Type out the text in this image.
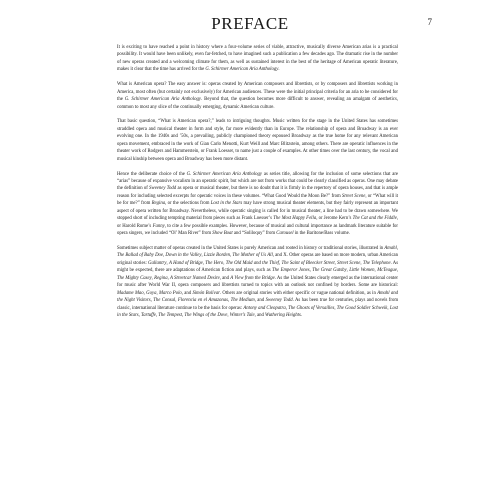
PREFACE	7

It is exciting to have reached a point in history where a four-volume series of viable, attractive, musically diverse American arias is a practical possibility. It would have been unlikely, even far-fetched, to have imagined such a publication a few decades ago. The dramatic rise in the number of new operas created and a welcoming climate for them, as well as sustained interest in the best of the heritage of American operatic literature, makes it clear that the time has arrived for the G. Schirmer American Aria Anthology.

What is American opera? The easy answer is: operas created by American composers and librettists, or by composers and librettists working in America, most often (but certainly not exclusively) for American audiences. These were the initial principal criteria for an aria to be considered for the G. Schirmer American Aria Anthology. Beyond that, the question becomes more difficult to answer, revealing an amalgam of aesthetics, common to most any slice of the continually emerging, dynamic American culture.

That basic question, “What is American opera?,” leads to intriguing thoughts. Music written for the stage in the United States has sometimes straddled opera and musical theater in form and style, far more evidently than in Europe. The relationship of opera and Broadway is an ever evolving one. In the 1940s and ’50s, a prevailing, publicly championed theory espoused Broadway as the true home for any relevant American opera movement, embraced in the work of Gian Carlo Menotti, Kurt Weill and Marc Blitzstein, among others. There are operatic influences in the theater work of Rodgers and Hammerstein, or Frank Loesser, to name just a couple of examples. At other times over the last century, the vocal and musical kinship between opera and Broadway has been more distant.

Hence the deliberate choice of the G. Schirmer American Aria Anthology as series title, allowing for the inclusion of some selections that are “arias” because of expansive vocalism in an operatic spirit, but which are not from works that could be clearly classified as operas. One may debate the definition of Sweeney Todd as opera or musical theater, but there is no doubt that it is firmly in the repertory of opera houses, and that is ample reason for including selected excerpts for operatic voices in these volumes. “What Good Would the Moon Be?” from Street Scene, or “What will it be for me?” from Regina, or the selections from Lost in the Stars may have strong musical theater elements, but they fairly represent an important aspect of opera written for Broadway. Nevertheless, while operatic singing is called for in musical theater, a line had to be drawn somewhere. We stopped short of including tempting material from pieces such as Frank Loesser’s The Most Happy Fella, or Jerome Kern’s The Cat and the Fiddle, or Harold Rome’s Fanny, to cite a few possible examples. However, because of musical and cultural importance as landmark literature suitable for opera singers, we included “Ol’ Man River” from Show Boat and “Soliloquy” from Carousel in the Baritone/Bass volume.

Sometimes subject matter of operas created in the United States is purely American and rooted in history or traditional stories, illustrated in Amahl, The Ballad of Baby Doe, Down in the Valley, Lizzie Borden, The Mother of Us All, and X. Other operas are based on more modern, urban American original stories: Gallantry, A Hand of Bridge, The Hero, The Old Maid and the Thief, The Saint of Bleecker Street, Street Scene, The Telephone. As might be expected, there are adaptations of American fiction and plays, such as The Emperor Jones, The Great Gatsby, Little Women, McTeague, The Mighty Casey, Regina, A Streetcar Named Desire, and A View from the Bridge. As the United States clearly emerged as the international center for music after World War II, opera composers and librettists turned to topics with an outlook not confined by borders. Some are historical: Madame Mao, Goya, Marco Polo, and Simón Bolívar. Others are original stories with either specific or vague national definition, as in Amahl and the Night Visitors, The Consul, Florencia en el Amazonas, The Medium, and Sweeney Todd. As has been true for centuries, plays and novels from classic, international literature continue to be the basis for operas: Antony and Cleopatra, The Ghosts of Versailles, The Good Soldier Schweik, Lost in the Stars, Tartuffe, The Tempest, The Wings of the Dove, Winter’s Tale, and Wuthering Heights.
